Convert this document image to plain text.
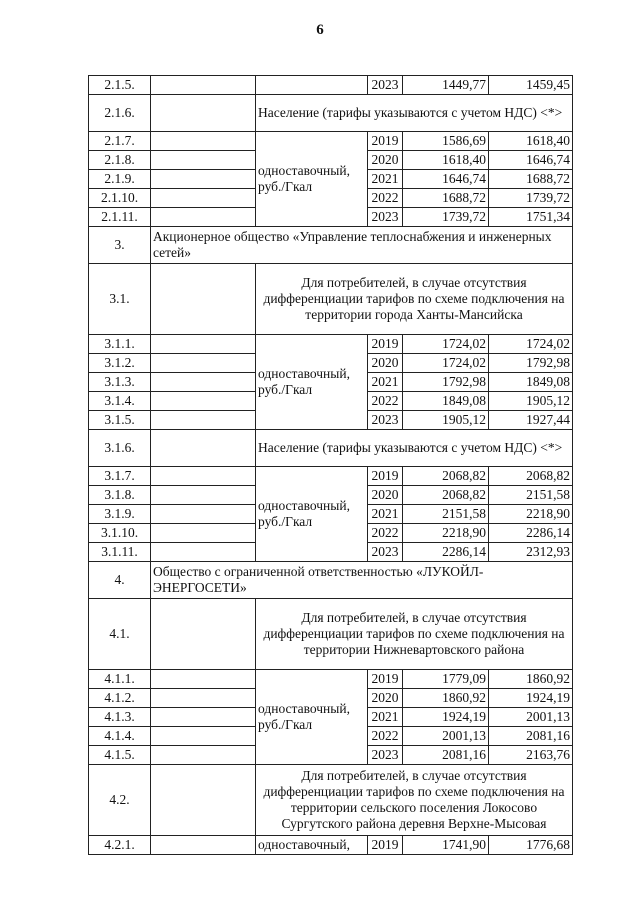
6
2.1.5.			2023	1449,77	1459,45
2.1.6.		Население (тарифы указываются с учетом НДС) <*>			
2.1.7.		одноставочный, руб./Гкал	2019	1586,69	1618,40
2.1.8.			2020	1618,40	1646,74
2.1.9.			2021	1646,74	1688,72
2.1.10.			2022	1688,72	1739,72
2.1.11.			2023	1739,72	1751,34
3.	Акционерное общество «Управление теплоснабжения и инженерных сетей»				
3.1.		Для потребителей, в случае отсутствия дифференциации тарифов по схеме подключения на территории города Ханты-Мансийска			
3.1.1.		одноставочный, руб./Гкал	2019	1724,02	1724,02
3.1.2.			2020	1724,02	1792,98
3.1.3.			2021	1792,98	1849,08
3.1.4.			2022	1849,08	1905,12
3.1.5.			2023	1905,12	1927,44
3.1.6.		Население (тарифы указываются с учетом НДС) <*>			
3.1.7.		одноставочный, руб./Гкал	2019	2068,82	2068,82
3.1.8.			2020	2068,82	2151,58
3.1.9.			2021	2151,58	2218,90
3.1.10.			2022	2218,90	2286,14
3.1.11.			2023	2286,14	2312,93
4.	Общество с ограниченной ответственностью «ЛУКОЙЛ-ЭНЕРГОСЕТИ»				
4.1.		Для потребителей, в случае отсутствия дифференциации тарифов по схеме подключения на территории Нижневартовского района			
4.1.1.		одноставочный, руб./Гкал	2019	1779,09	1860,92
4.1.2.			2020	1860,92	1924,19
4.1.3.			2021	1924,19	2001,13
4.1.4.			2022	2001,13	2081,16
4.1.5.			2023	2081,16	2163,76
4.2.		Для потребителей, в случае отсутствия дифференциации тарифов по схеме подключения на территории сельского поселения Локосово Сургутского района деревня Верхне-Мысовая			
4.2.1.		одноставочный,	2019	1741,90	1776,68
